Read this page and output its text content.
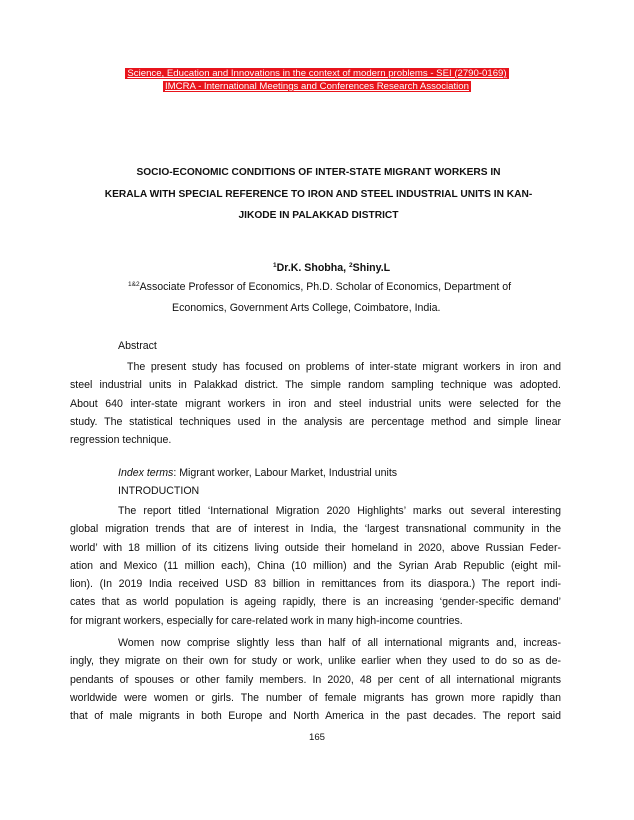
Science, Education and Innovations in the context of modern problems - SEI (2790-0169)
IMCRA - International Meetings and Conferences Research Association
SOCIO-ECONOMIC CONDITIONS OF INTER-STATE MIGRANT WORKERS IN
KERALA WITH SPECIAL REFERENCE TO IRON AND STEEL INDUSTRIAL UNITS IN KAN-
JIKODE IN PALAKKAD DISTRICT
$^1$Dr.K. Shobha, $^2$Shiny.L
$^{1\&2}$Associate Professor of Economics, Ph.D. Scholar of Economics, Department of
Economics, Government Arts College, Coimbatore, India.
Abstract
The present study has focused on problems of inter-state migrant workers in iron and
steel industrial units in Palakkad district. The simple random sampling technique was adopted.
About 640 inter-state migrant workers in iron and steel industrial units were selected for the
study. The statistical techniques used in the analysis are percentage method and simple linear
regression technique.
Index terms: Migrant worker, Labour Market, Industrial units
INTRODUCTION
The report titled ‘International Migration 2020 Highlights’ marks out several interesting
global migration trends that are of interest in India, the ‘largest transnational community in the
world’ with 18 million of its citizens living outside their homeland in 2020, above Russian Feder-
ation and Mexico (11 million each), China (10 million) and the Syrian Arab Republic (eight mil-
lion). (In 2019 India received USD 83 billion in remittances from its diaspora.) The report indi-
cates that as world population is ageing rapidly, there is an increasing ‘gender-specific demand’
for migrant workers, especially for care-related work in many high-income countries.
Women now comprise slightly less than half of all international migrants and, increas-
ingly, they migrate on their own for study or work, unlike earlier when they used to do so as de-
pendants of spouses or other family members. In 2020, 48 per cent of all international migrants
worldwide were women or girls. The number of female migrants has grown more rapidly than
that of male migrants in both Europe and North America in the past decades. The report said
165
